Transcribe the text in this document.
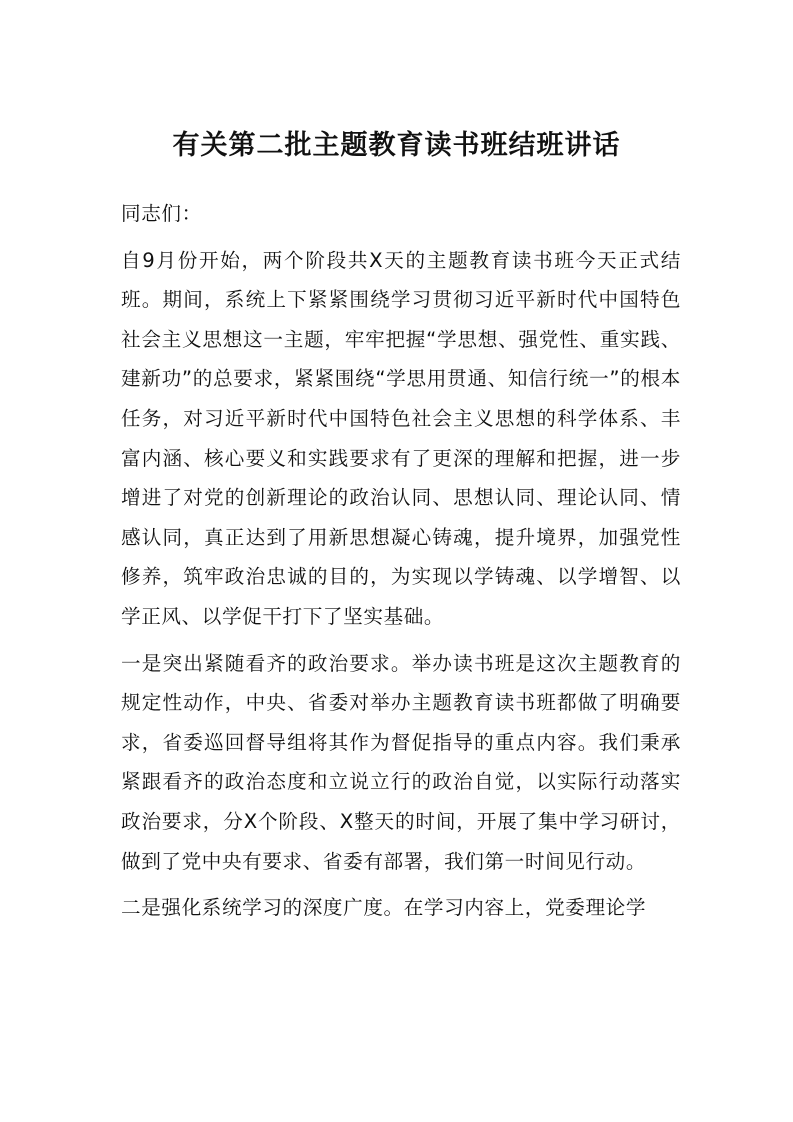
有关第二批主题教育读书班结班讲话

同志们：

自9月份开始，两个阶段共X天的主题教育读书班今天正式结班。期间，系统上下紧紧围绕学习贯彻习近平新时代中国特色社会主义思想这一主题，牢牢把握“学思想、强党性、重实践、建新功”的总要求，紧紧围绕“学思用贯通、知信行统一”的根本任务，对习近平新时代中国特色社会主义思想的科学体系、丰富内涵、核心要义和实践要求有了更深的理解和把握，进一步增进了对党的创新理论的政治认同、思想认同、理论认同、情感认同，真正达到了用新思想凝心铸魂，提升境界，加强党性修养，筑牢政治忠诚的目的，为实现以学铸魂、以学增智、以学正风、以学促干打下了坚实基础。

一是突出紧随看齐的政治要求。举办读书班是这次主题教育的规定性动作，中央、省委对举办主题教育读书班都做了明确要求，省委巡回督导组将其作为督促指导的重点内容。我们秉承紧跟看齐的政治态度和立说立行的政治自觉，以实际行动落实政治要求，分X个阶段、X整天的时间，开展了集中学习研讨，做到了党中央有要求、省委有部署，我们第一时间见行动。

二是强化系统学习的深度广度。在学习内容上，党委理论学
